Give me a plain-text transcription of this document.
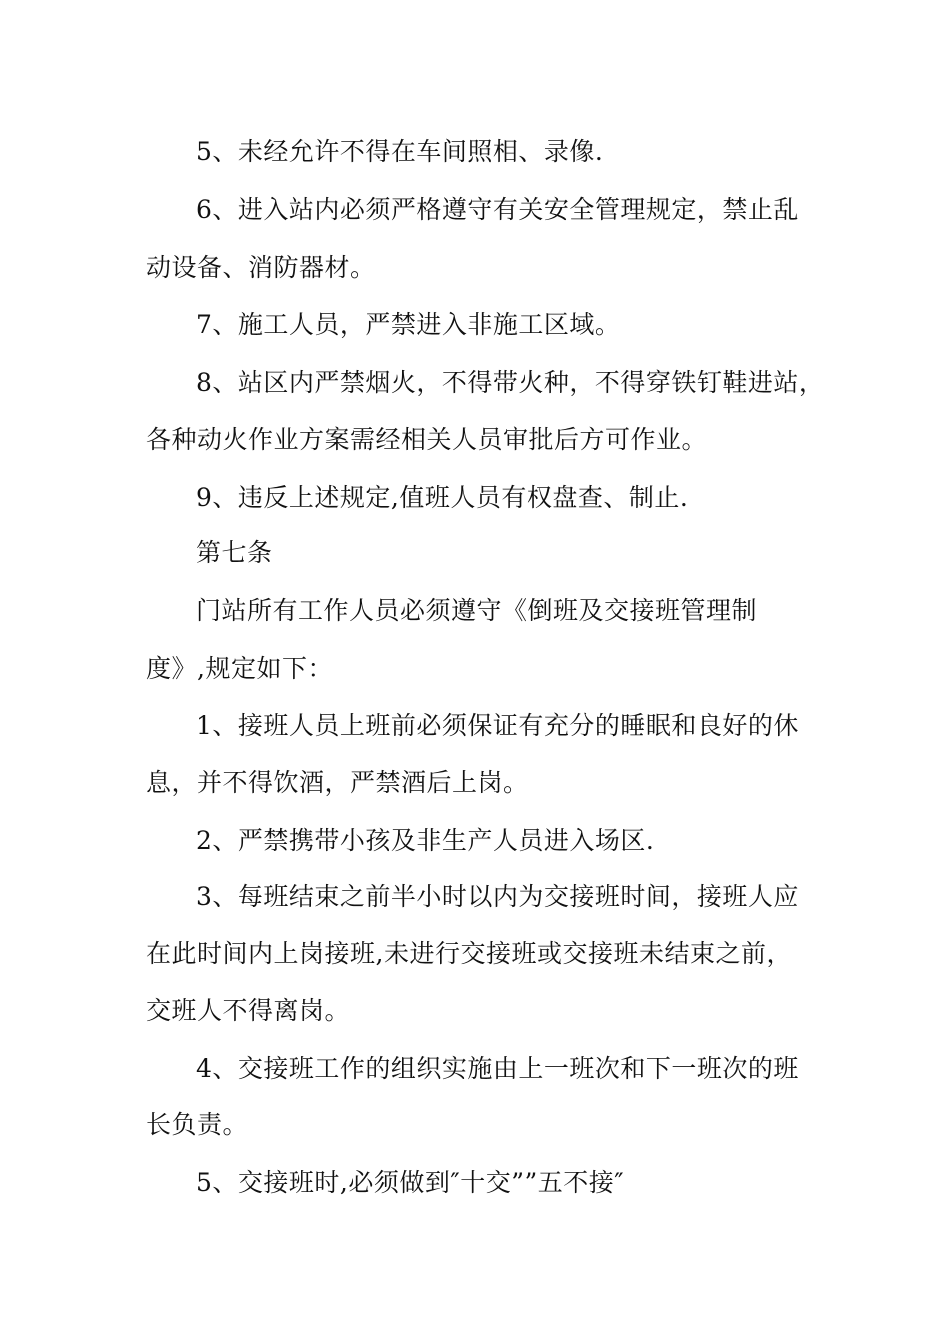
5、未经允许不得在车间照相、录像.
6、进入站内必须严格遵守有关安全管理规定，禁止乱
动设备、消防器材。
7、施工人员，严禁进入非施工区域。
8、站区内严禁烟火，不得带火种，不得穿铁钉鞋进站，
各种动火作业方案需经相关人员审批后方可作业。
9、违反上述规定,值班人员有权盘查、制止.
第七条
门站所有工作人员必须遵守《倒班及交接班管理制
度》,规定如下：
1、接班人员上班前必须保证有充分的睡眠和良好的休
息，并不得饮酒，严禁酒后上岗。
2、严禁携带小孩及非生产人员进入场区.
3、每班结束之前半小时以内为交接班时间，接班人应
在此时间内上岗接班,未进行交接班或交接班未结束之前，
交班人不得离岗。
4、交接班工作的组织实施由上一班次和下一班次的班
长负责。
5、交接班时,必须做到″十交””五不接″
